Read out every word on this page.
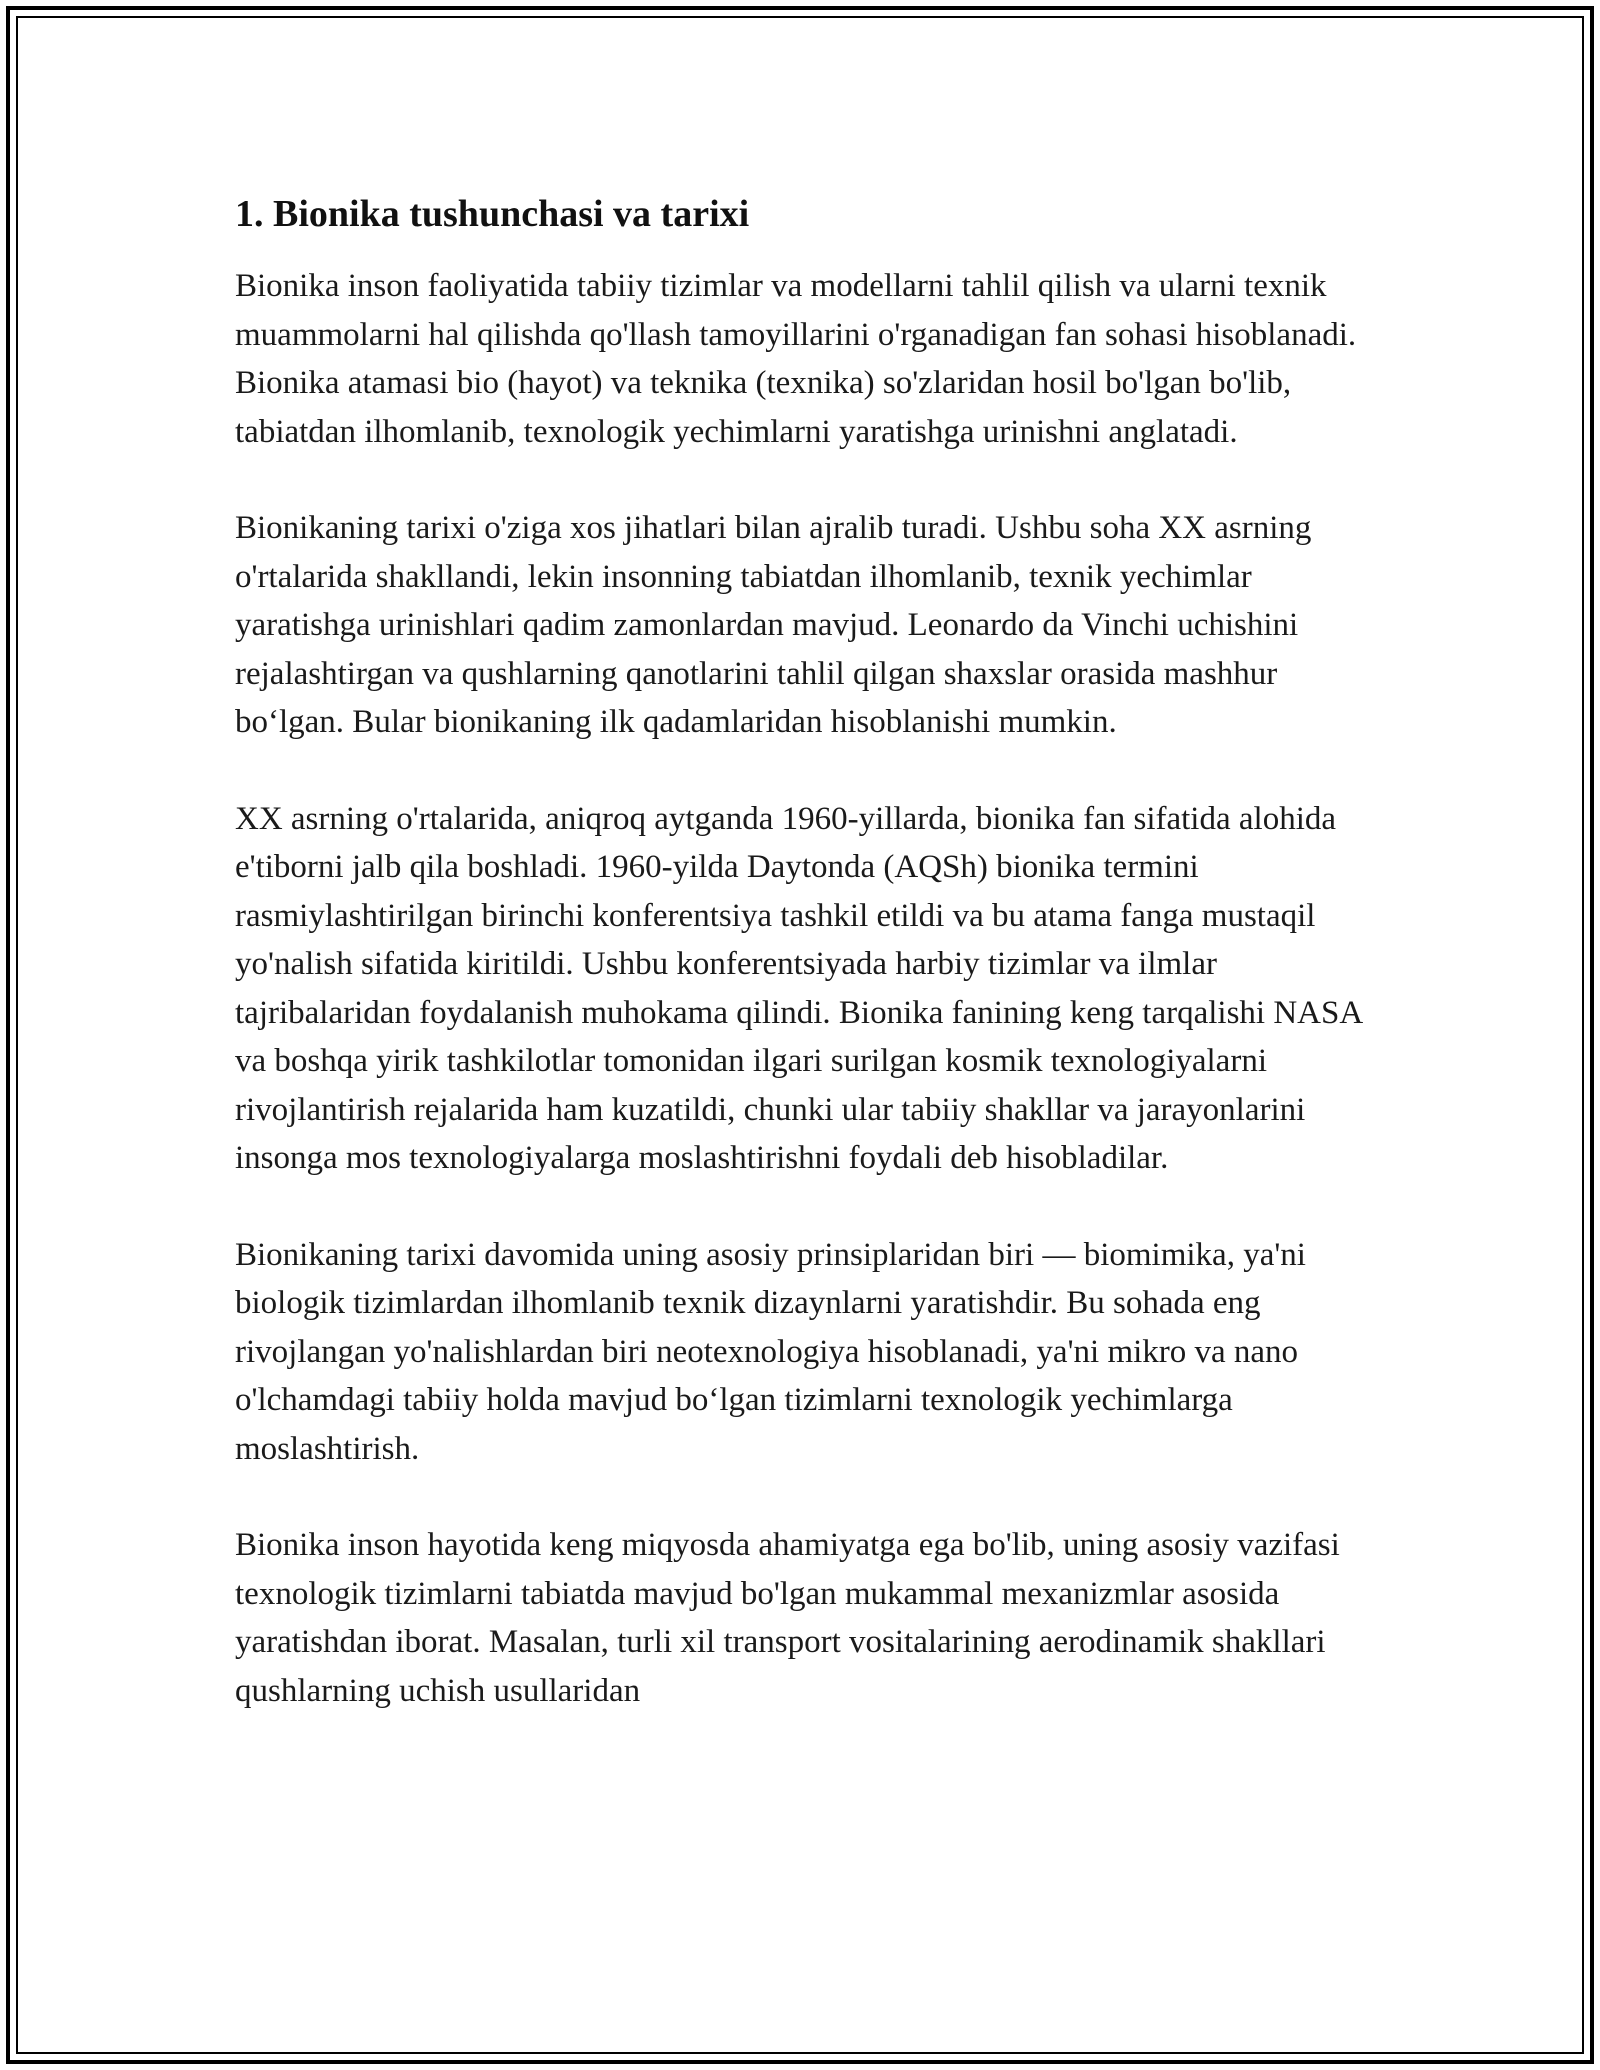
1. Bionika tushunchasi va tarixi

Bionika inson faoliyatida tabiiy tizimlar va modellarni tahlil qilish va ularni texnik muammolarni hal qilishda qo'llash tamoyillarini o'rganadigan fan sohasi hisoblanadi. Bionika atamasi bio (hayot) va teknika (texnika) so'zlaridan hosil bo'lgan bo'lib, tabiatdan ilhomlanib, texnologik yechimlarni yaratishga urinishni anglatadi.

Bionikaning tarixi o'ziga xos jihatlari bilan ajralib turadi. Ushbu soha XX asrning o'rtalarida shakllandi, lekin insonning tabiatdan ilhomlanib, texnik yechimlar yaratishga urinishlari qadim zamonlardan mavjud. Leonardo da Vinchi uchishini rejalashtirgan va qushlarning qanotlarini tahlil qilgan shaxslar orasida mashhur bo‘lgan. Bular bionikaning ilk qadamlaridan hisoblanishi mumkin.

XX asrning o'rtalarida, aniqroq aytganda 1960-yillarda, bionika fan sifatida alohida e'tiborni jalb qila boshladi. 1960-yilda Daytonda (AQSh) bionika termini rasmiylashtirilgan birinchi konferentsiya tashkil etildi va bu atama fanga mustaqil yo'nalish sifatida kiritildi. Ushbu konferentsiyada harbiy tizimlar va ilmlar tajribalaridan foydalanish muhokama qilindi. Bionika fanining keng tarqalishi NASA va boshqa yirik tashkilotlar tomonidan ilgari surilgan kosmik texnologiyalarni rivojlantirish rejalarida ham kuzatildi, chunki ular tabiiy shakllar va jarayonlarini insonga mos texnologiyalarga moslashtirishni foydali deb hisobladilar.

Bionikaning tarixi davomida uning asosiy prinsiplaridan biri — biomimika, ya'ni biologik tizimlardan ilhomlanib texnik dizaynlarni yaratishdir. Bu sohada eng rivojlangan yo'nalishlardan biri neotexnologiya hisoblanadi, ya'ni mikro va nano o'lchamdagi tabiiy holda mavjud bo‘lgan tizimlarni texnologik yechimlarga moslashtirish.

Bionika inson hayotida keng miqyosda ahamiyatga ega bo'lib, uning asosiy vazifasi texnologik tizimlarni tabiatda mavjud bo'lgan mukammal mexanizmlar asosida yaratishdan iborat. Masalan, turli xil transport vositalarining aerodinamik shakllari qushlarning uchish usullaridan
